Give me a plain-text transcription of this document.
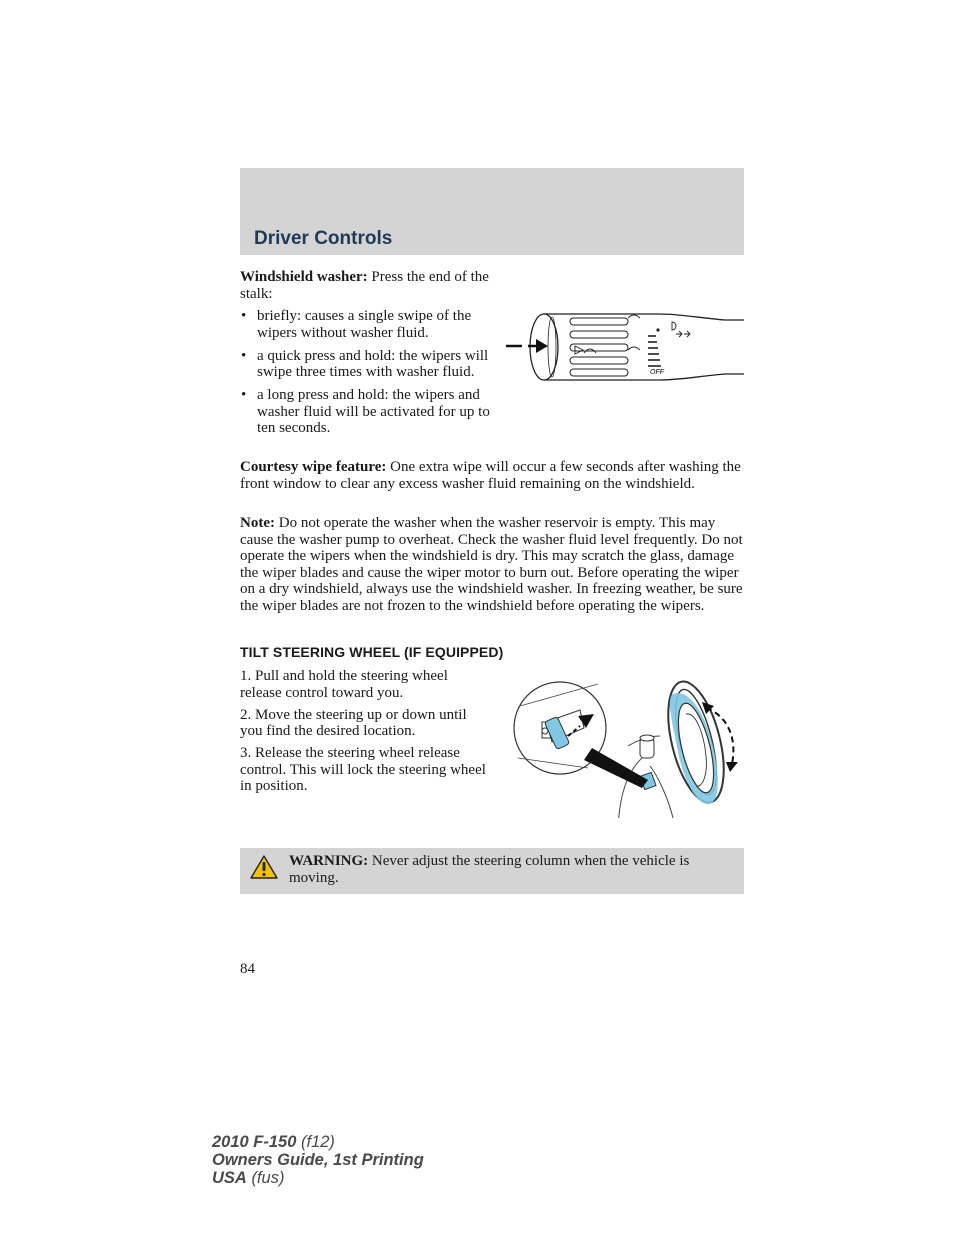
Driver Controls

Windshield washer: Press the end of the stalk:

• briefly: causes a single swipe of the wipers without washer fluid.
• a quick press and hold: the wipers will swipe three times with washer fluid.
• a long press and hold: the wipers and washer fluid will be activated for up to ten seconds.
OFF

Courtesy wipe feature: One extra wipe will occur a few seconds after washing the front window to clear any excess washer fluid remaining on the windshield.

Note: Do not operate the washer when the washer reservoir is empty. This may cause the washer pump to overheat. Check the washer fluid level frequently. Do not operate the wipers when the windshield is dry. This may scratch the glass, damage the wiper blades and cause the wiper motor to burn out. Before operating the wiper on a dry windshield, always use the windshield washer. In freezing weather, be sure the wiper blades are not frozen to the windshield before operating the wipers.

TILT STEERING WHEEL (IF EQUIPPED)

1. Pull and hold the steering wheel release control toward you.

2. Move the steering up or down until you find the desired location.

3. Release the steering wheel release control. This will lock the steering wheel in position.

WARNING: Never adjust the steering column when the vehicle is moving.

84

2010 F-150 (f12)
Owners Guide, 1st Printing
USA (fus)
